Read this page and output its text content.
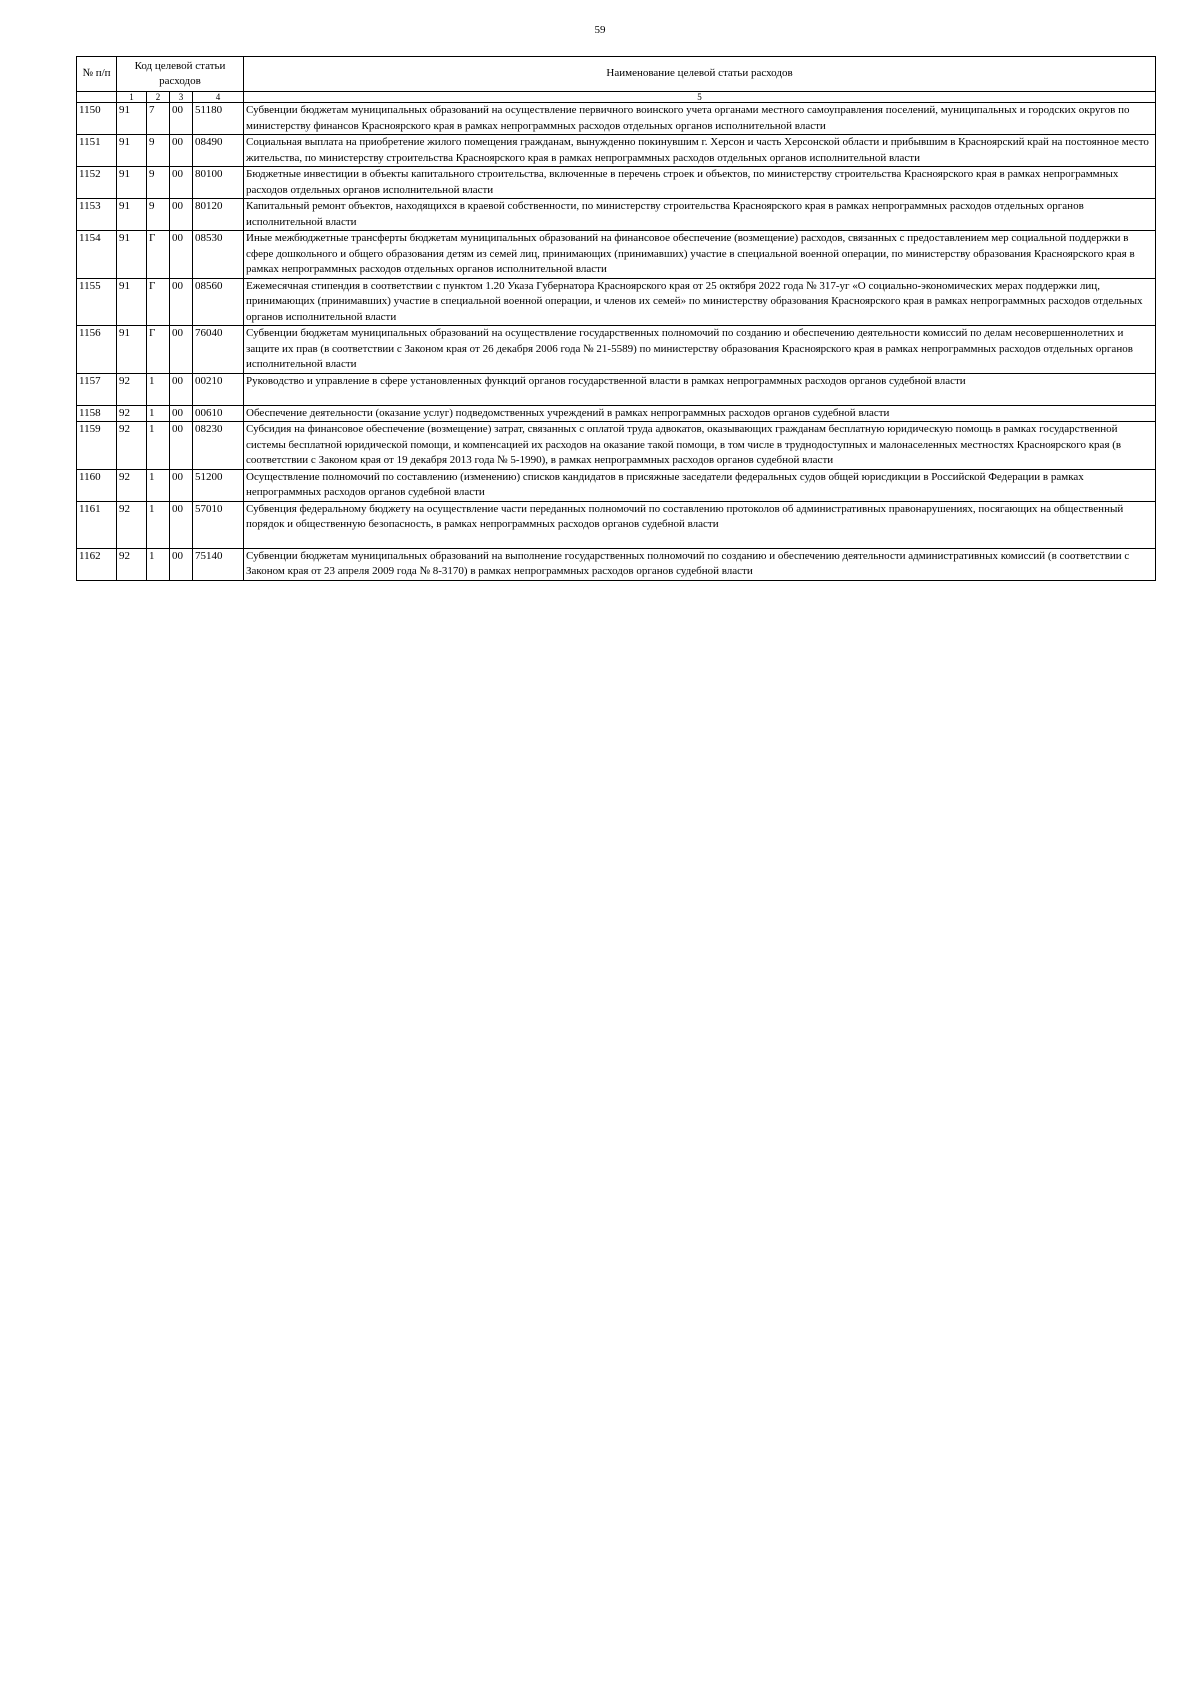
59
№ п/п	Код целевой статьи расходов				Наименование целевой статьи расходов
	1	2	3	4	5
1150	91	7	00	51180	Субвенции бюджетам муниципальных образований на осуществление первичного воинского учета органами местного самоуправления поселений, муниципальных и городских округов по министерству финансов Красноярского края в рамках непрограммных расходов отдельных органов исполнительной власти
1151	91	9	00	08490	Социальная выплата на приобретение жилого помещения гражданам, вынужденно покинувшим г. Херсон и часть Херсонской области и прибывшим в Красноярский край на постоянное место жительства, по министерству строительства Красноярского края в рамках непрограммных расходов отдельных органов исполнительной власти
1152	91	9	00	80100	Бюджетные инвестиции в объекты капитального строительства, включенные в перечень строек и объектов, по министерству строительства Красноярского края в рамках непрограммных расходов отдельных органов исполнительной власти
1153	91	9	00	80120	Капитальный ремонт объектов, находящихся в краевой собственности, по министерству строительства Красноярского края в рамках непрограммных расходов отдельных органов исполнительной власти
1154	91	Г	00	08530	Иные межбюджетные трансферты бюджетам муниципальных образований на финансовое обеспечение (возмещение) расходов, связанных с предоставлением мер социальной поддержки в сфере дошкольного и общего образования детям из семей лиц, принимающих (принимавших) участие в специальной военной операции, по министерству образования Красноярского края в рамках непрограммных расходов отдельных органов исполнительной власти
1155	91	Г	00	08560	Ежемесячная стипендия в соответствии с пунктом 1.20 Указа Губернатора Красноярского края от 25 октября 2022 года № 317-уг «О социально-экономических мерах поддержки лиц, принимающих (принимавших) участие в специальной военной операции, и членов их семей» по министерству образования Красноярского края в рамках непрограммных расходов отдельных органов исполнительной власти
1156	91	Г	00	76040	Субвенции бюджетам муниципальных образований на осуществление государственных полномочий по созданию и обеспечению деятельности комиссий по делам несовершеннолетних и защите их прав (в соответствии с Законом края от 26 декабря 2006 года № 21-5589) по министерству образования Красноярского края в рамках непрограммных расходов отдельных органов исполнительной власти
1157	92	1	00	00210	Руководство и управление в сфере установленных функций органов государственной власти в рамках непрограммных расходов органов судебной власти
1158	92	1	00	00610	Обеспечение деятельности (оказание услуг) подведомственных учреждений в рамках непрограммных расходов органов судебной власти
1159	92	1	00	08230	Субсидия на финансовое обеспечение (возмещение) затрат, связанных с оплатой труда адвокатов, оказывающих гражданам бесплатную юридическую помощь в рамках государственной системы бесплатной юридической помощи, и компенсацией их расходов на оказание такой помощи, в том числе в труднодоступных и малонаселенных местностях Красноярского края (в соответствии с Законом края от 19 декабря 2013 года № 5-1990), в рамках непрограммных расходов органов судебной власти
1160	92	1	00	51200	Осуществление полномочий по составлению (изменению) списков кандидатов в присяжные заседатели федеральных судов общей юрисдикции в Российской Федерации в рамках непрограммных расходов органов судебной власти
1161	92	1	00	57010	Субвенция федеральному бюджету на осуществление части переданных полномочий по составлению протоколов об административных правонарушениях, посягающих на общественный порядок и общественную безопасность, в рамках непрограммных расходов органов судебной власти
1162	92	1	00	75140	Субвенции бюджетам муниципальных образований на выполнение государственных полномочий по созданию и обеспечению деятельности административных комиссий (в соответствии с Законом края от 23 апреля 2009 года № 8-3170) в рамках непрограммных расходов органов судебной власти
